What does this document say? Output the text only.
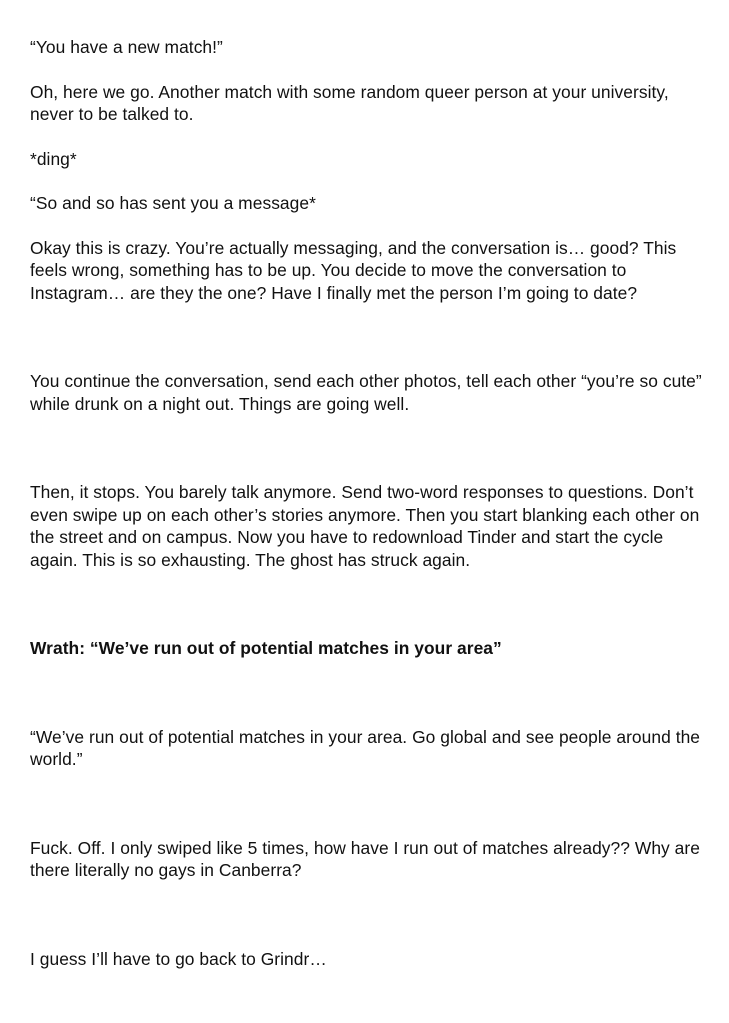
“You have a new match!”

Oh, here we go. Another match with some random queer person at your university, never to be talked to.

*ding*

“So and so has sent you a message*

Okay this is crazy. You’re actually messaging, and the conversation is… good? This feels wrong, something has to be up. You decide to move the conversation to Instagram… are they the one? Have I finally met the person I’m going to date?

You continue the conversation, send each other photos, tell each other “you’re so cute” while drunk on a night out. Things are going well.

Then, it stops. You barely talk anymore. Send two-word responses to questions. Don’t even swipe up on each other’s stories anymore. Then you start blanking each other on the street and on campus. Now you have to redownload Tinder and start the cycle again. This is so exhausting. The ghost has struck again.

Wrath: “We’ve run out of potential matches in your area”

“We’ve run out of potential matches in your area. Go global and see people around the world.”

Fuck. Off. I only swiped like 5 times, how have I run out of matches already?? Why are there literally no gays in Canberra?

I guess I’ll have to go back to Grindr…
